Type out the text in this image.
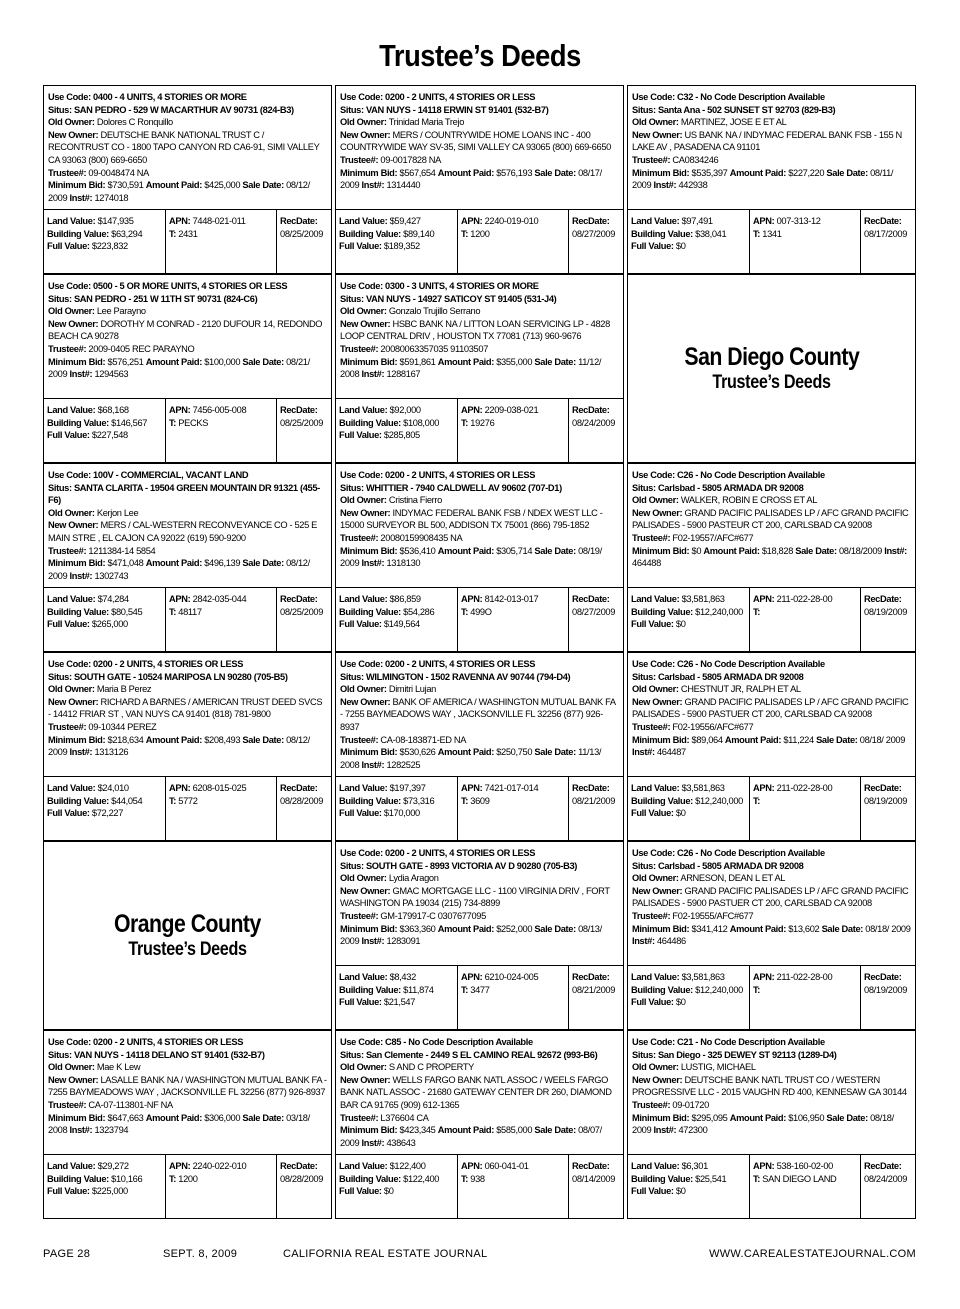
Trustee’s Deeds
Use Code: 0400 - 4 UNITS, 4 STORIES OR MORE
Situs: SAN PEDRO - 529 W MACARTHUR AV 90731 (824-B3)
Old Owner: Dolores C Ronquillo
New Owner: DEUTSCHE BANK NATIONAL TRUST C / RECONTRUST CO - 1800 TAPO CANYON RD CA6-91, SIMI VALLEY CA 93063 (800) 669-6650
Trustee#: 09-0048474 NA
Minimum Bid: $730,591 Amount Paid: $425,000 Sale Date: 08/12/ 2009 Inst#: 1274018
Land Value: $147,935
Building Value: $63,294
Full Value: $223,832
APN: 7448-021-011
T: 2431
RecDate:
08/25/2009
Use Code: 0200 - 2 UNITS, 4 STORIES OR LESS
Situs: VAN NUYS - 14118 ERWIN ST 91401 (532-B7)
Old Owner: Trinidad Maria Trejo
New Owner: MERS / COUNTRYWIDE HOME LOANS INC - 400 COUNTRYWIDE WAY SV-35, SIMI VALLEY CA 93065 (800) 669-6650
Trustee#: 09-0017828 NA
Minimum Bid: $567,654 Amount Paid: $576,193 Sale Date: 08/17/ 2009 Inst#: 1314440
Land Value: $59,427
Building Value: $89,140
Full Value: $189,352
APN: 2240-019-010
T: 1200
RecDate:
08/27/2009
Use Code: C32 - No Code Description Available
Situs: Santa Ana - 502 SUNSET ST 92703 (829-B3)
Old Owner: MARTINEZ, JOSE E ET AL
New Owner: US BANK NA / INDYMAC FEDERAL BANK FSB - 155 N LAKE AV , PASADENA CA 91101
Trustee#: CA0834246
Minimum Bid: $535,397 Amount Paid: $227,220 Sale Date: 08/11/ 2009 Inst#: 442938
Land Value: $97,491
Building Value: $38,041
Full Value: $0
APN: 007-313-12
T: 1341
RecDate:
08/17/2009
Use Code: 0500 - 5 OR MORE UNITS, 4 STORIES OR LESS
Situs: SAN PEDRO - 251 W 11TH ST 90731 (824-C6)
Old Owner: Lee Parayno
New Owner: DOROTHY M CONRAD - 2120 DUFOUR 14, REDONDO BEACH CA 90278
Trustee#: 2009-0405 REC PARAYNO
Minimum Bid: $576,251 Amount Paid: $100,000 Sale Date: 08/21/ 2009 Inst#: 1294563
Land Value: $68,168
Building Value: $146,567
Full Value: $227,548
APN: 7456-005-008
T: PECKS
RecDate:
08/25/2009
Use Code: 0300 - 3 UNITS, 4 STORIES OR MORE
Situs: VAN NUYS - 14927 SATICOY ST 91405 (531-J4)
Old Owner: Gonzalo Trujillo Serrano
New Owner: HSBC BANK NA / LITTON LOAN SERVICING LP - 4828 LOOP CENTRAL DRIV , HOUSTON TX 77081 (713) 960-9676
Trustee#: 20080063357035 91103507
Minimum Bid: $591,861 Amount Paid: $355,000 Sale Date: 11/12/ 2008 Inst#: 1288167
Land Value: $92,000
Building Value: $108,000
Full Value: $285,805
APN: 2209-038-021
T: 19276
RecDate:
08/24/2009
San Diego County
Trustee’s Deeds
Use Code: 100V - COMMERCIAL, VACANT LAND
Situs: SANTA CLARITA - 19504 GREEN MOUNTAIN DR 91321 (455-F6)
Old Owner: Kerjon Lee
New Owner: MERS / CAL-WESTERN RECONVEYANCE CO - 525 E MAIN STRE , EL CAJON CA 92022 (619) 590-9200
Trustee#: 1211384-14 5854
Minimum Bid: $471,048 Amount Paid: $496,139 Sale Date: 08/12/ 2009 Inst#: 1302743
Land Value: $74,284
Building Value: $80,545
Full Value: $265,000
APN: 2842-035-044
T: 48117
RecDate:
08/25/2009
Use Code: 0200 - 2 UNITS, 4 STORIES OR LESS
Situs: WHITTIER - 7940 CALDWELL AV 90602 (707-D1)
Old Owner: Cristina Fierro
New Owner: INDYMAC FEDERAL BANK FSB / NDEX WEST LLC - 15000 SURVEYOR BL 500, ADDISON TX 75001 (866) 795-1852
Trustee#: 20080159908435 NA
Minimum Bid: $536,410 Amount Paid: $305,714 Sale Date: 08/19/ 2009 Inst#: 1318130
Land Value: $86,859
Building Value: $54,286
Full Value: $149,564
APN: 8142-013-017
T: 499O
RecDate:
08/27/2009
Use Code: C26 - No Code Description Available
Situs: Carlsbad - 5805 ARMADA DR 92008
Old Owner: WALKER, ROBIN E CROSS ET AL
New Owner: GRAND PACIFIC PALISADES LP / AFC GRAND PACIFIC PALISADES - 5900 PASTEUR CT 200, CARLSBAD CA 92008
Trustee#: F02-19557/AFC#677
Minimum Bid: $0 Amount Paid: $18,828 Sale Date: 08/18/2009 Inst#: 464488
Land Value: $3,581,863
Building Value: $12,240,000
Full Value: $0
APN: 211-022-28-00
T:
RecDate:
08/19/2009
Use Code: 0200 - 2 UNITS, 4 STORIES OR LESS
Situs: SOUTH GATE - 10524 MARIPOSA LN 90280 (705-B5)
Old Owner: Maria B Perez
New Owner: RICHARD A BARNES / AMERICAN TRUST DEED SVCS - 14412 FRIAR ST , VAN NUYS CA 91401 (818) 781-9800
Trustee#: 09-10344 PEREZ
Minimum Bid: $218,634 Amount Paid: $208,493 Sale Date: 08/12/ 2009 Inst#: 1313126
Land Value: $24,010
Building Value: $44,054
Full Value: $72,227
APN: 6208-015-025
T: 5772
RecDate:
08/28/2009
Use Code: 0200 - 2 UNITS, 4 STORIES OR LESS
Situs: WILMINGTON - 1502 RAVENNA AV 90744 (794-D4)
Old Owner: Dimitri Lujan
New Owner: BANK OF AMERICA / WASHINGTON MUTUAL BANK FA - 7255 BAYMEADOWS WAY , JACKSONVILLE FL 32256 (877) 926-8937
Trustee#: CA-08-183871-ED NA
Minimum Bid: $530,626 Amount Paid: $250,750 Sale Date: 11/13/ 2008 Inst#: 1282525
Land Value: $197,397
Building Value: $73,316
Full Value: $170,000
APN: 7421-017-014
T: 3609
RecDate:
08/21/2009
Use Code: C26 - No Code Description Available
Situs: Carlsbad - 5805 ARMADA DR 92008
Old Owner: CHESTNUT JR, RALPH ET AL
New Owner: GRAND PACIFIC PALISADES LP / AFC GRAND PACIFIC PALISADES - 5900 PASTUER CT 200, CARLSBAD CA 92008
Trustee#: F02-19556/AFC#677
Minimum Bid: $89,064 Amount Paid: $11,224 Sale Date: 08/18/ 2009 Inst#: 464487
Land Value: $3,581,863
Building Value: $12,240,000
Full Value: $0
APN: 211-022-28-00
T:
RecDate:
08/19/2009
Use Code: 0200 - 2 UNITS, 4 STORIES OR LESS
Situs: SOUTH GATE - 8993 VICTORIA AV D 90280 (705-B3)
Old Owner: Lydia Aragon
New Owner: GMAC MORTGAGE LLC - 1100 VIRGINIA DRIV , FORT WASHINGTON PA 19034 (215) 734-8899
Trustee#: GM-179917-C 0307677095
Minimum Bid: $363,360 Amount Paid: $252,000 Sale Date: 08/13/ 2009 Inst#: 1283091
Land Value: $8,432
Building Value: $11,874
Full Value: $21,547
APN: 6210-024-005
T: 3477
RecDate:
08/21/2009
Orange County
Trustee’s Deeds
Use Code: C26 - No Code Description Available
Situs: Carlsbad - 5805 ARMADA DR 92008
Old Owner: ARNESON, DEAN L ET AL
New Owner: GRAND PACIFIC PALISADES LP / AFC GRAND PACIFIC PALISADES - 5900 PASTUER CT 200, CARLSBAD CA 92008
Trustee#: F02-19555/AFC#677
Minimum Bid: $341,412 Amount Paid: $13,602 Sale Date: 08/18/ 2009 Inst#: 464486
Land Value: $3,581,863
Building Value: $12,240,000
Full Value: $0
APN: 211-022-28-00
T:
RecDate:
08/19/2009
Use Code: 0200 - 2 UNITS, 4 STORIES OR LESS
Situs: VAN NUYS - 14118 DELANO ST 91401 (532-B7)
Old Owner: Mae K Lew
New Owner: LASALLE BANK NA / WASHINGTON MUTUAL BANK FA - 7255 BAYMEADOWS WAY , JACKSONVILLE FL 32256 (877) 926-8937
Trustee#: CA-07-113801-NF NA
Minimum Bid: $647,663 Amount Paid: $306,000 Sale Date: 03/18/ 2008 Inst#: 1323794
Land Value: $29,272
Building Value: $10,166
Full Value: $225,000
APN: 2240-022-010
T: 1200
RecDate:
08/28/2009
Use Code: C85 - No Code Description Available
Situs: San Clemente - 2449 S EL CAMINO REAL 92672 (993-B6)
Old Owner: S AND C PROPERTY
New Owner: WELLS FARGO BANK NATL ASSOC / WEELS FARGO BANK NATL ASSOC - 21680 GATEWAY CENTER DR 260, DIAMOND BAR CA 91765 (909) 612-1365
Trustee#: L376604 CA
Minimum Bid: $423,345 Amount Paid: $585,000 Sale Date: 08/07/ 2009 Inst#: 438643
Land Value: $122,400
Building Value: $122,400
Full Value: $0
APN: 060-041-01
T: 938
RecDate:
08/14/2009
Use Code: C21 - No Code Description Available
Situs: San Diego - 325 DEWEY ST 92113 (1289-D4)
Old Owner: LUSTIG, MICHAEL
New Owner: DEUTSCHE BANK NATL TRUST CO / WESTERN PROGRESSIVE LLC - 2015 VAUGHN RD 400, KENNESAW GA 30144
Trustee#: 09-01720
Minimum Bid: $295,095 Amount Paid: $106,950 Sale Date: 08/18/ 2009 Inst#: 472300
Land Value: $6,301
Building Value: $25,541
Full Value: $0
APN: 538-160-02-00
T: SAN DIEGO LAND
RecDate:
08/24/2009
PAGE 28	SEPT. 8, 2009	CALIFORNIA REAL ESTATE JOURNAL	WWW.CAREALESTATEJOURNAL.COM
